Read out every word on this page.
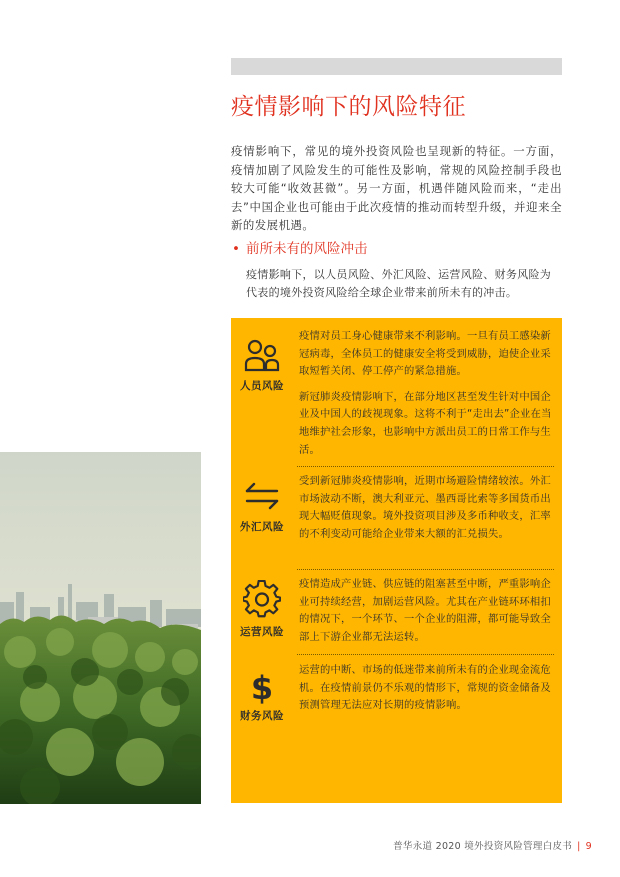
疫情影响下的风险特征

疫情影响下，常见的境外投资风险也呈现新的特征。一方面，疫情加剧了风险发生的可能性及影响，常规的风险控制手段也较大可能“收效甚微”。另一方面，机遇伴随风险而来，“走出去”中国企业也可能由于此次疫情的推动而转型升级，并迎来全新的发展机遇。

• 前所未有的风险冲击

疫情影响下，以人员风险、外汇风险、运营风险、财务风险为代表的境外投资风险给全球企业带来前所未有的冲击。

人员风险
疫情对员工身心健康带来不利影响。一旦有员工感染新冠病毒，全体员工的健康安全将受到威胁，迫使企业采取短暂关闭、停工停产的紧急措施。
新冠肺炎疫情影响下，在部分地区甚至发生针对中国企业及中国人的歧视现象。这将不利于“走出去”企业在当地维护社会形象，也影响中方派出员工的日常工作与生活。
外汇风险
受到新冠肺炎疫情影响，近期市场避险情绪较浓。外汇市场波动不断，澳大利亚元、墨西哥比索等多国货币出现大幅贬值现象。境外投资项目涉及多币种收支，汇率的不利变动可能给企业带来大额的汇兑损失。
运营风险
疫情造成产业链、供应链的阻塞甚至中断，严重影响企业可持续经营，加剧运营风险。尤其在产业链环环相扣的情况下，一个环节、一个企业的阻滞，都可能导致全部上下游企业都无法运转。
$
财务风险
运营的中断、市场的低迷带来前所未有的企业现金流危机。在疫情前景仍不乐观的情形下，常规的资金储备及预测管理无法应对长期的疫情影响。
普华永道 2020 境外投资风险管理白皮书 | 9
